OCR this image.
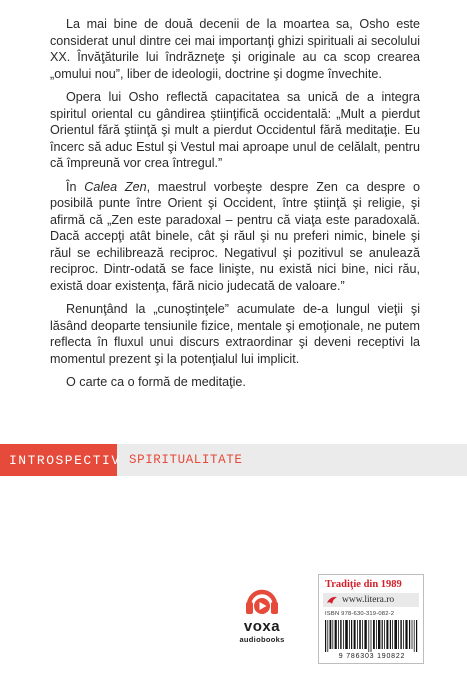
La mai bine de două decenii de la moartea sa, Osho este considerat unul dintre cei mai importanţi ghizi spirituali ai secolului XX. Învăţăturile lui îndrăzneţe şi originale au ca scop crearea „omului nou”, liber de ideologii, doctrine şi dogme învechite.

Opera lui Osho reflectă capacitatea sa unică de a integra spiritul oriental cu gândirea ştiinţifică occidentală: „Mult a pierdut Orientul fără ştiinţă şi mult a pierdut Occidentul fără meditaţie. Eu încerc să aduc Estul şi Vestul mai aproape unul de celălalt, pentru că împreună vor crea întregul.”

În Calea Zen, maestrul vorbeşte despre Zen ca despre o posibilă punte între Orient şi Occident, între ştiinţă şi religie, şi afirmă că „Zen este paradoxal – pentru că viaţa este paradoxală. Dacă accepţi atât binele, cât şi răul şi nu preferi nimic, binele şi răul se echilibrează reciproc. Negativul şi pozitivul se anulează reciproc. Dintr-odată se face linişte, nu există nici bine, nici rău, există doar existenţa, fără nicio judecată de valoare.”

Renunţând la „cunoştinţele” acumulate de-a lungul vieţii şi lăsând deoparte tensiunile fizice, mentale şi emoţionale, ne putem reflecta în fluxul unui discurs extraordinar şi deveni receptivi la momentul prezent şi la potenţialul lui implicit.

O carte ca o formă de meditaţie.

INTROSPECTIV SPIRITUALITATE
voxa
audiobooks
Tradiţie din 1989
www.litera.ro
ISBN 978-630-319-082-2
9 786303 190822
